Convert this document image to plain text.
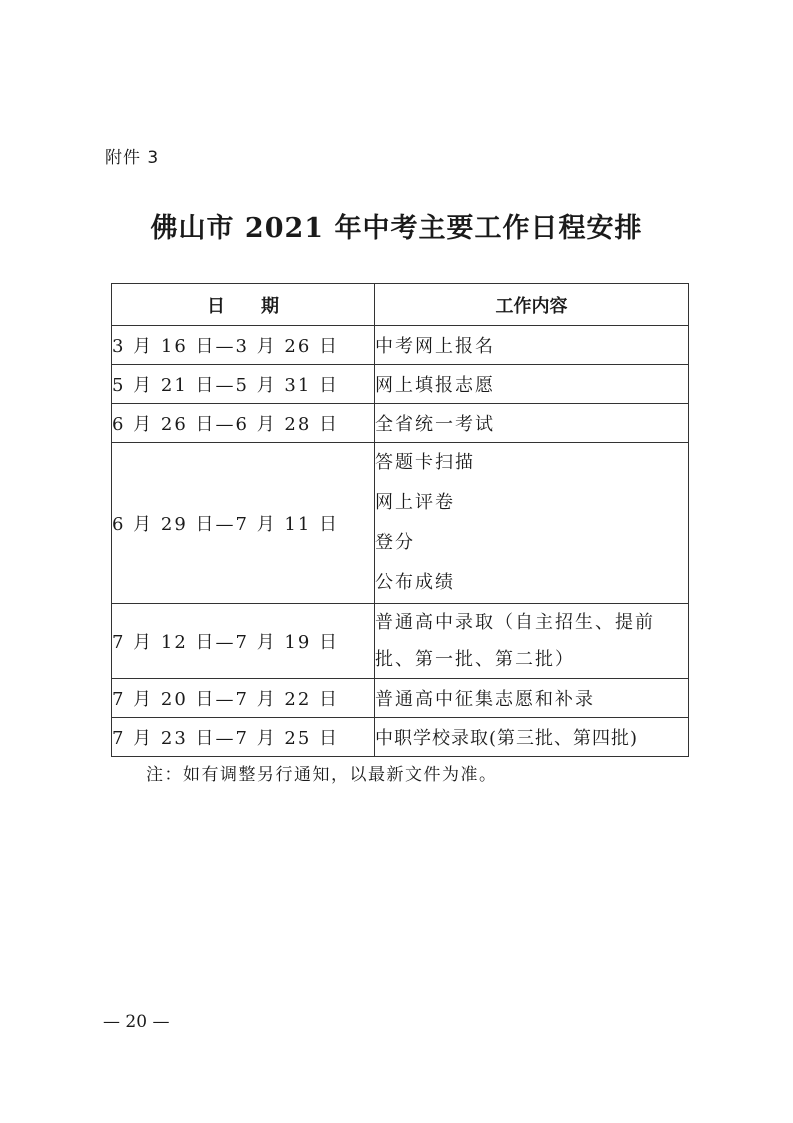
附件 3
佛山市 2021 年中考主要工作日程安排
日　　期	工作内容
3 月 16 日—3 月 26 日	中考网上报名
5 月 21 日—5 月 31 日	网上填报志愿
6 月 26 日—6 月 28 日	全省统一考试
6 月 29 日—7 月 11 日	答题卡扫描
网上评卷
登分
公布成绩

7 月 12 日—7 月 19 日	普通高中录取（自主招生、提前
批、第一批、第二批）

7 月 20 日—7 月 22 日	普通高中征集志愿和补录
7 月 23 日—7 月 25 日	中职学校录取(第三批、第四批)
注：如有调整另行通知，以最新文件为准。
— 20 —
